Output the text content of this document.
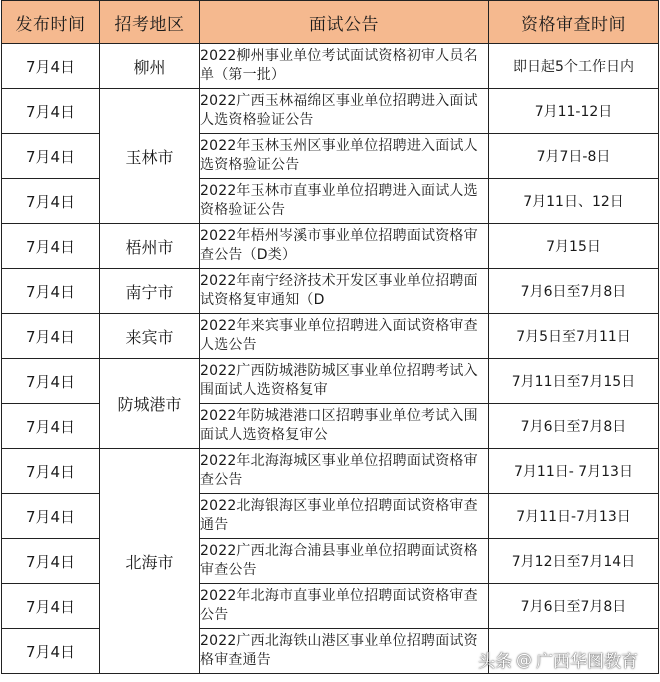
发布时间	招考地区	面试公告	资格审查时间
7月4日	柳州	2022柳州事业单位考试面试资格初审人员名单（第一批）	即日起5个工作日内
7月4日	玉林市	2022广西玉林福绵区事业单位招聘进入面试人选资格验证公告	7月11-12日
7月4日		2022年玉林玉州区事业单位招聘进入面试人选资格验证公告	7月7日-8日
7月4日		2022年玉林市直事业单位招聘进入面试人选资格验证公告	7月11日、12日
7月4日	梧州市	2022年梧州岑溪市事业单位招聘面试资格审查公告（D类）	7月15日
7月4日	南宁市	2022年南宁经济技术开发区事业单位招聘面试资格复审通知（D	7月6日至7月8日
7月4日	来宾市	2022年来宾事业单位招聘进入面试资格审查人选公告	7月5日至7月11日
7月4日	防城港市	2022广西防城港防城区事业单位招聘考试入围面试人选资格复审	7月11日至7月15日
7月4日		2022年防城港港口区招聘事业单位考试入围面试人选资格复审公	7月6日至7月8日
7月4日	北海市	2022年北海海城区事业单位招聘面试资格审查公告	7月11日- 7月13日
7月4日		2022北海银海区事业单位招聘面试资格审查通告	7月11日-7月13日
7月4日		2022广西北海合浦县事业单位招聘面试资格审查公告	7月12日至7月14日
7月4日		2022年北海市直事业单位招聘面试资格审查公告	7月6日至7月8日
7月4日		2022广西北海铁山港区事业单位招聘面试资格审查通告		头条 @ 广西华图教育
